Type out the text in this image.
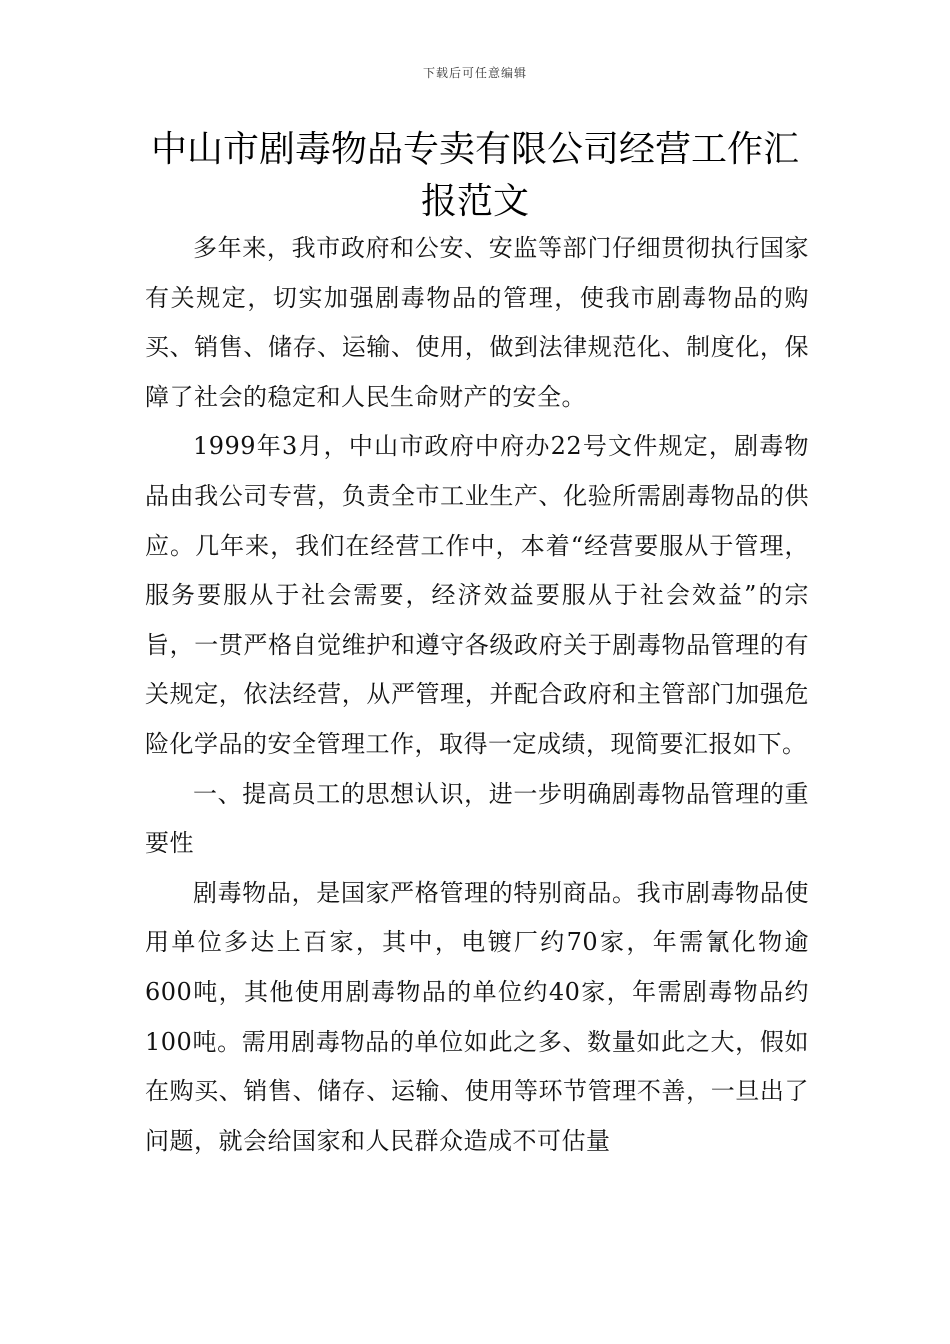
下载后可任意编辑
中山市剧毒物品专卖有限公司经营工作汇报范文

多年来，我市政府和公安、安监等部门仔细贯彻执行国家有关规定，切实加强剧毒物品的管理，使我市剧毒物品的购买、销售、储存、运输、使用，做到法律规范化、制度化，保障了社会的稳定和人民生命财产的安全。

1999年3月，中山市政府中府办22号文件规定，剧毒物品由我公司专营，负责全市工业生产、化验所需剧毒物品的供应。几年来，我们在经营工作中，本着“经营要服从于管理，服务要服从于社会需要，经济效益要服从于社会效益”的宗旨，一贯严格自觉维护和遵守各级政府关于剧毒物品管理的有关规定，依法经营，从严管理，并配合政府和主管部门加强危险化学品的安全管理工作，取得一定成绩，现简要汇报如下。

一、提高员工的思想认识，进一步明确剧毒物品管理的重要性

剧毒物品，是国家严格管理的特别商品。我市剧毒物品使用单位多达上百家，其中，电镀厂约70家，年需氰化物逾600吨，其他使用剧毒物品的单位约40家，年需剧毒物品约100吨。需用剧毒物品的单位如此之多、数量如此之大，假如在购买、销售、储存、运输、使用等环节管理不善，一旦出了问题，就会给国家和人民群众造成不可估量
